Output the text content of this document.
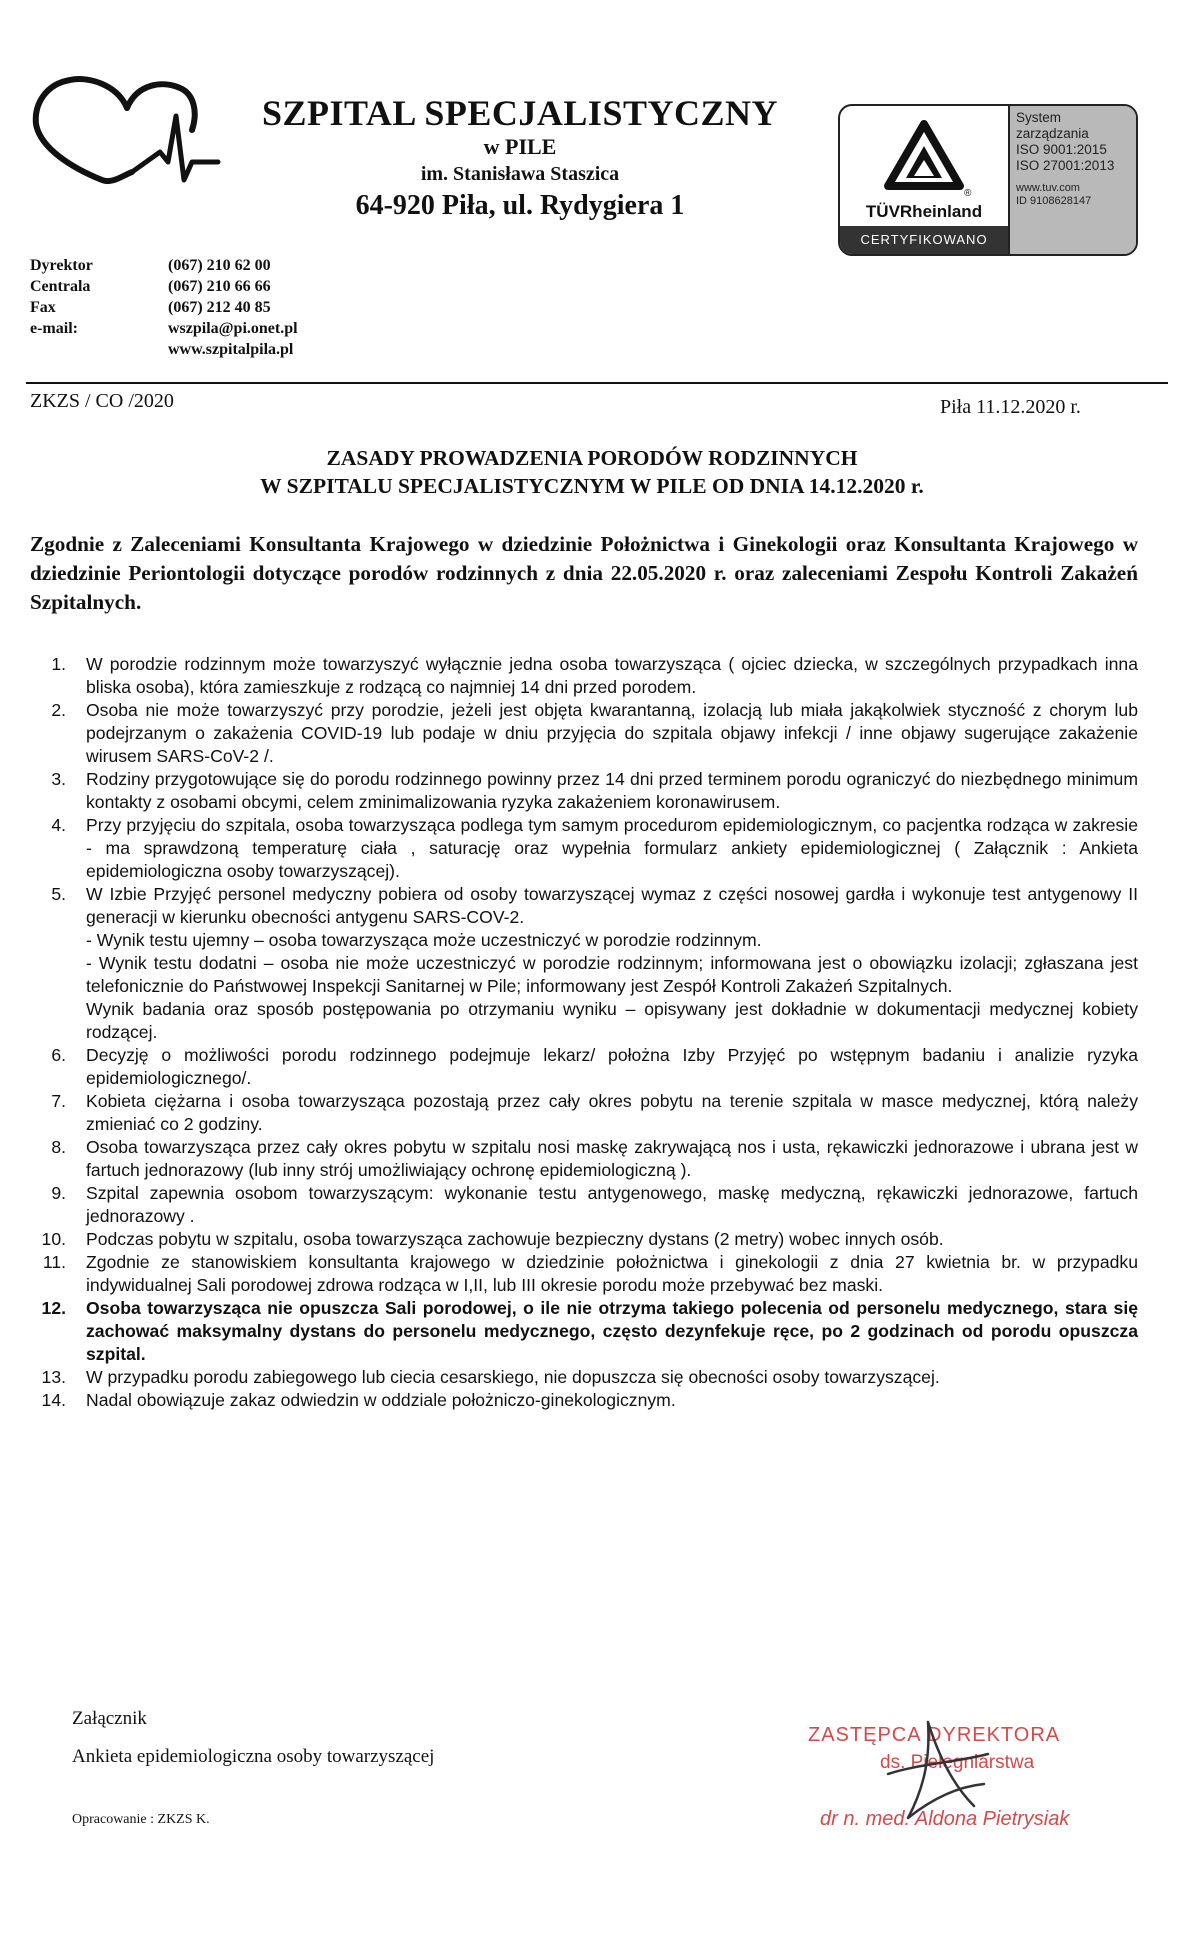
SZPITAL SPECJALISTYCZNY
w PILE
im. Stanisława Staszica
64-920 Piła, ul. Rydygiera 1	®
TÜVRheinland
CERTYFIKOWANO
System
zarządzania
ISO 9001:2015
ISO 27001:2013
www.tuv.com
ID 9108628147
Dyrektor	(067) 210 62 00
Centrala	(067) 210 66 66
Fax	(067) 212 40 85
e-mail:	wszpila@pi.onet.pl
www.szpitalpila.pl
ZKZS / CO /2020	Piła 11.12.2020 r.
ZASADY PROWADZENIA PORODÓW RODZINNYCH
W SZPITALU SPECJALISTYCZNYM W PILE OD DNIA 14.12.2020 r.
Zgodnie z Zaleceniami Konsultanta Krajowego w dziedzinie Położnictwa i Ginekologii oraz Konsultanta Krajowego w dziedzinie Periontologii dotyczące porodów rodzinnych z dnia 22.05.2020 r. oraz zaleceniami Zespołu Kontroli Zakażeń Szpitalnych.
1. W porodzie rodzinnym może towarzyszyć wyłącznie jedna osoba towarzysząca ( ojciec dziecka, w szczególnych przypadkach inna bliska osoba), która zamieszkuje z rodzącą co najmniej 14 dni przed porodem.
2. Osoba nie może towarzyszyć przy porodzie, jeżeli jest objęta kwarantanną, izolacją lub miała jakąkolwiek styczność z chorym lub podejrzanym o zakażenia COVID-19 lub podaje w dniu przyjęcia do szpitala objawy infekcji / inne objawy sugerujące zakażenie wirusem SARS-CoV-2 /.
3. Rodziny przygotowujące się do porodu rodzinnego powinny przez 14 dni przed terminem porodu ograniczyć do niezbędnego minimum kontakty z osobami obcymi, celem zminimalizowania ryzyka zakażeniem koronawirusem.
4. Przy przyjęciu do szpitala, osoba towarzysząca podlega tym samym procedurom epidemiologicznym, co pacjentka rodząca w zakresie - ma sprawdzoną temperaturę ciała , saturację oraz wypełnia formularz ankiety epidemiologicznej ( Załącznik : Ankieta epidemiologiczna osoby towarzyszącej).
5. W Izbie Przyjęć personel medyczny pobiera od osoby towarzyszącej wymaz z części nosowej gardła i wykonuje test antygenowy II generacji w kierunku obecności antygenu SARS-COV-2.
- Wynik testu ujemny – osoba towarzysząca może uczestniczyć w porodzie rodzinnym.
- Wynik testu dodatni – osoba nie może uczestniczyć w porodzie rodzinnym; informowana jest o obowiązku izolacji; zgłaszana jest telefonicznie do Państwowej Inspekcji Sanitarnej w Pile; informowany jest Zespół Kontroli Zakażeń Szpitalnych.
Wynik badania oraz sposób postępowania po otrzymaniu wyniku – opisywany jest dokładnie w dokumentacji medycznej kobiety rodzącej.
6. Decyzję o możliwości porodu rodzinnego podejmuje lekarz/ położna Izby Przyjęć po wstępnym badaniu i analizie ryzyka epidemiologicznego/.
7. Kobieta ciężarna i osoba towarzysząca pozostają przez cały okres pobytu na terenie szpitala w masce medycznej, którą należy zmieniać co 2 godziny.
8. Osoba towarzysząca przez cały okres pobytu w szpitalu nosi maskę zakrywającą nos i usta, rękawiczki jednorazowe i ubrana jest w fartuch jednorazowy (lub inny strój umożliwiający ochronę epidemiologiczną ).
9. Szpital zapewnia osobom towarzyszącym: wykonanie testu antygenowego, maskę medyczną, rękawiczki jednorazowe, fartuch jednorazowy .
10. Podczas pobytu w szpitalu, osoba towarzysząca zachowuje bezpieczny dystans (2 metry) wobec innych osób.
11. Zgodnie ze stanowiskiem konsultanta krajowego w dziedzinie położnictwa i ginekologii z dnia 27 kwietnia br. w przypadku indywidualnej Sali porodowej zdrowa rodząca w I,II, lub III okresie porodu może przebywać bez maski.
12. Osoba towarzysząca nie opuszcza Sali porodowej, o ile nie otrzyma takiego polecenia od personelu medycznego, stara się zachować maksymalny dystans do personelu medycznego, często dezynfekuje ręce, po 2 godzinach od porodu opuszcza szpital.
13. W przypadku porodu zabiegowego lub ciecia cesarskiego, nie dopuszcza się obecności osoby towarzyszącej.
14. Nadal obowiązuje zakaz odwiedzin w oddziale położniczo-ginekologicznym.
Załącznik
Ankieta epidemiologiczna osoby towarzyszącej
Opracowanie : ZKZS K.
ZASTĘPCA DYREKTORA
ds. Pielęgniarstwa
dr n. med. Aldona Pietrysiak
